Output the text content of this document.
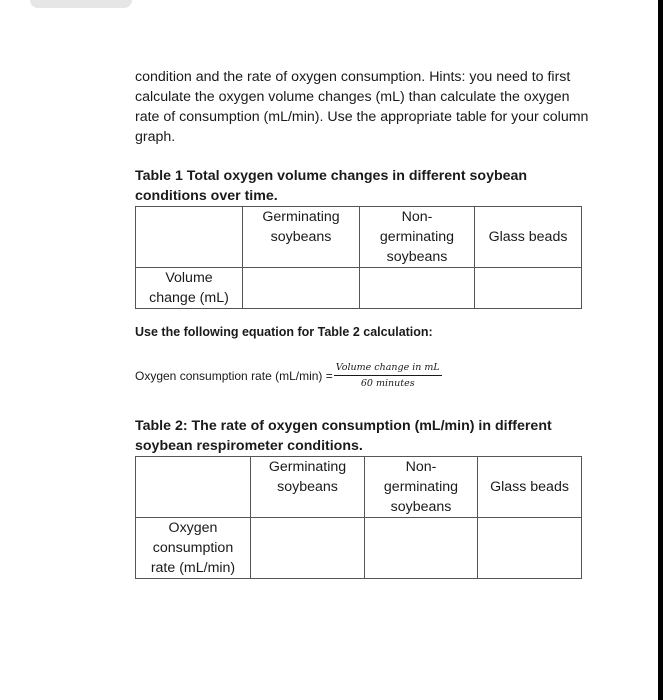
condition and the rate of oxygen consumption. Hints: you need to first calculate the oxygen volume changes (mL) than calculate the oxygen rate of consumption (mL/min). Use the appropriate table for your column graph.
Table 1 Total oxygen volume changes in different soybean conditions over time.
	Germinating soybeans	Non-germinating soybeans	Glass beads
Volume change (mL)			
Use the following equation for Table 2 calculation:
Oxygen consumption rate $(mL/\min) = \frac{\text{Volume change in mL}}{\text{60 minutes}}$
Table 2: The rate of oxygen consumption (mL/min) in different soybean respirometer conditions.
	Germinating soybeans	Non-germinating soybeans	Glass beads
Oxygen consumption rate (mL/min)			
